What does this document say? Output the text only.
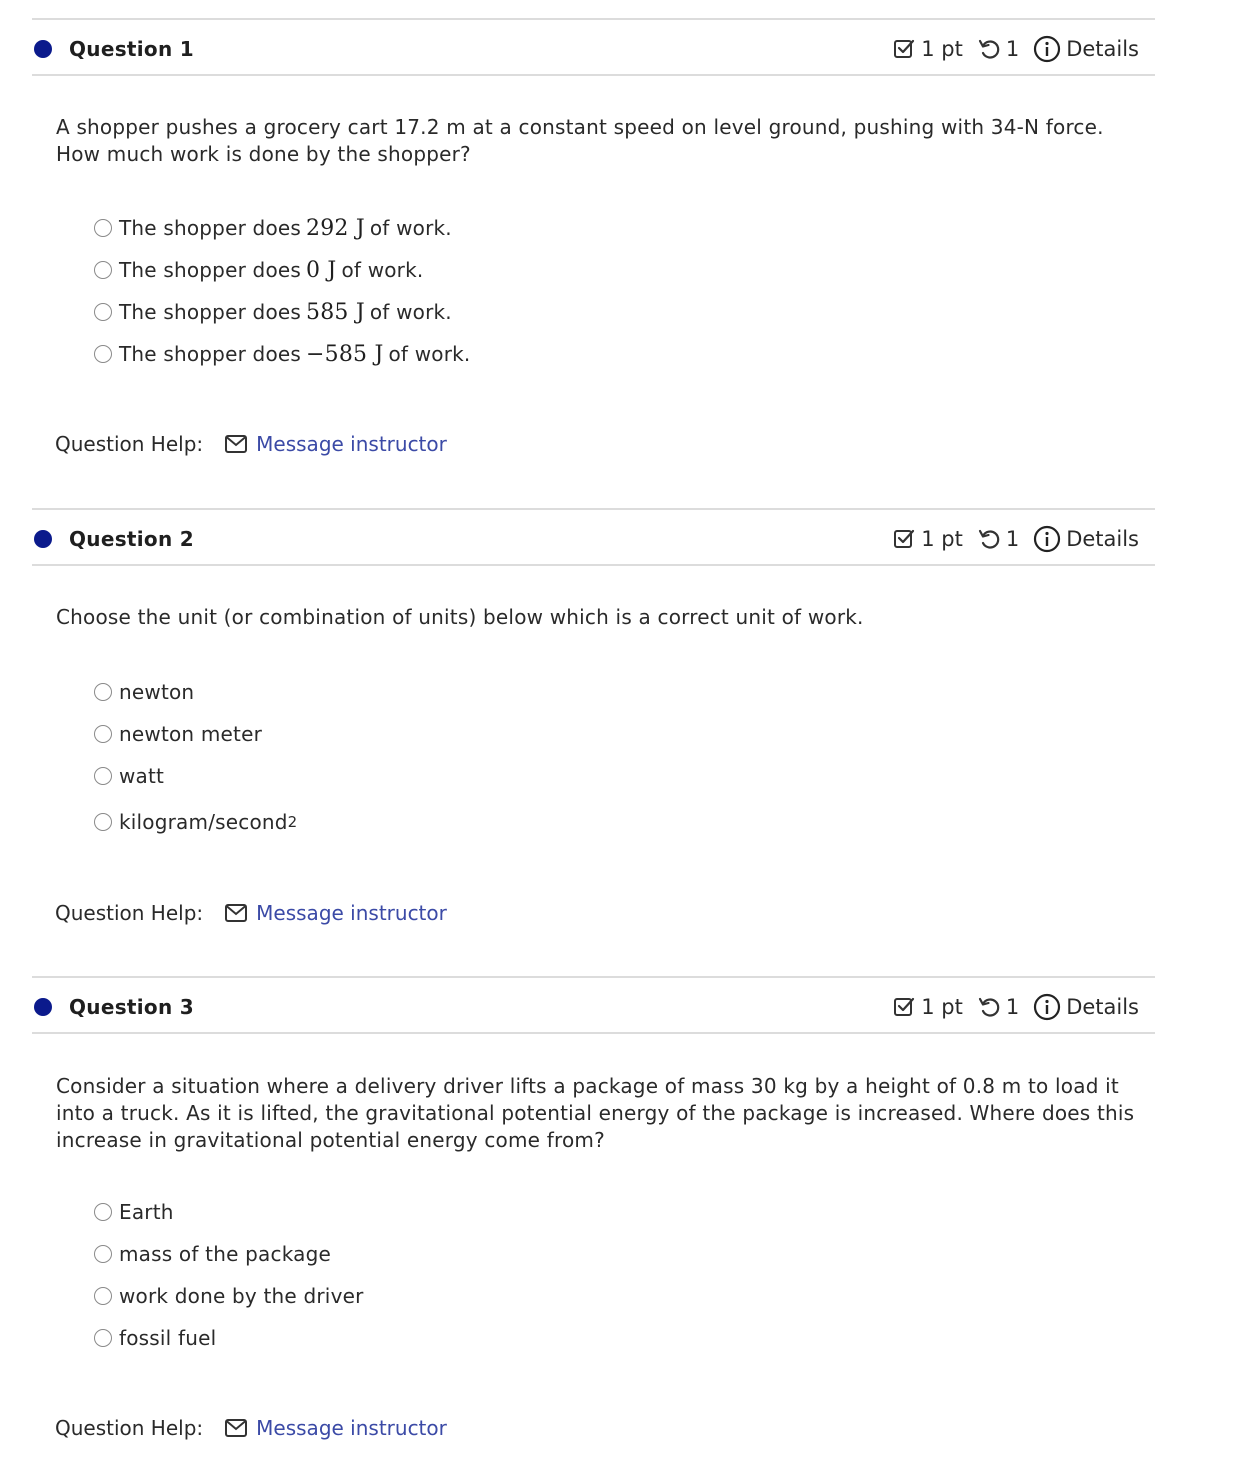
Question 1	1 pt 1 Details
A shopper pushes a grocery cart 17.2 m at a constant speed on level ground, pushing with 34-N force. How much work is done by the shopper?
The shopper does 292 J of work.
The shopper does 0 J of work.
The shopper does 585 J of work.
The shopper does −585 J of work.
Question Help:	Message instructor
Question 2	1 pt 1 Details
Choose the unit (or combination of units) below which is a correct unit of work.
newton
newton meter
watt
kilogram/second 2
Question Help:	Message instructor
Question 3	1 pt 1 Details
Consider a situation where a delivery driver lifts a package of mass 30 kg by a height of 0.8 m to load it into a truck. As it is lifted, the gravitational potential energy of the package is increased. Where does this increase in gravitational potential energy come from?
Earth
mass of the package
work done by the driver
fossil fuel
Question Help:	Message instructor
